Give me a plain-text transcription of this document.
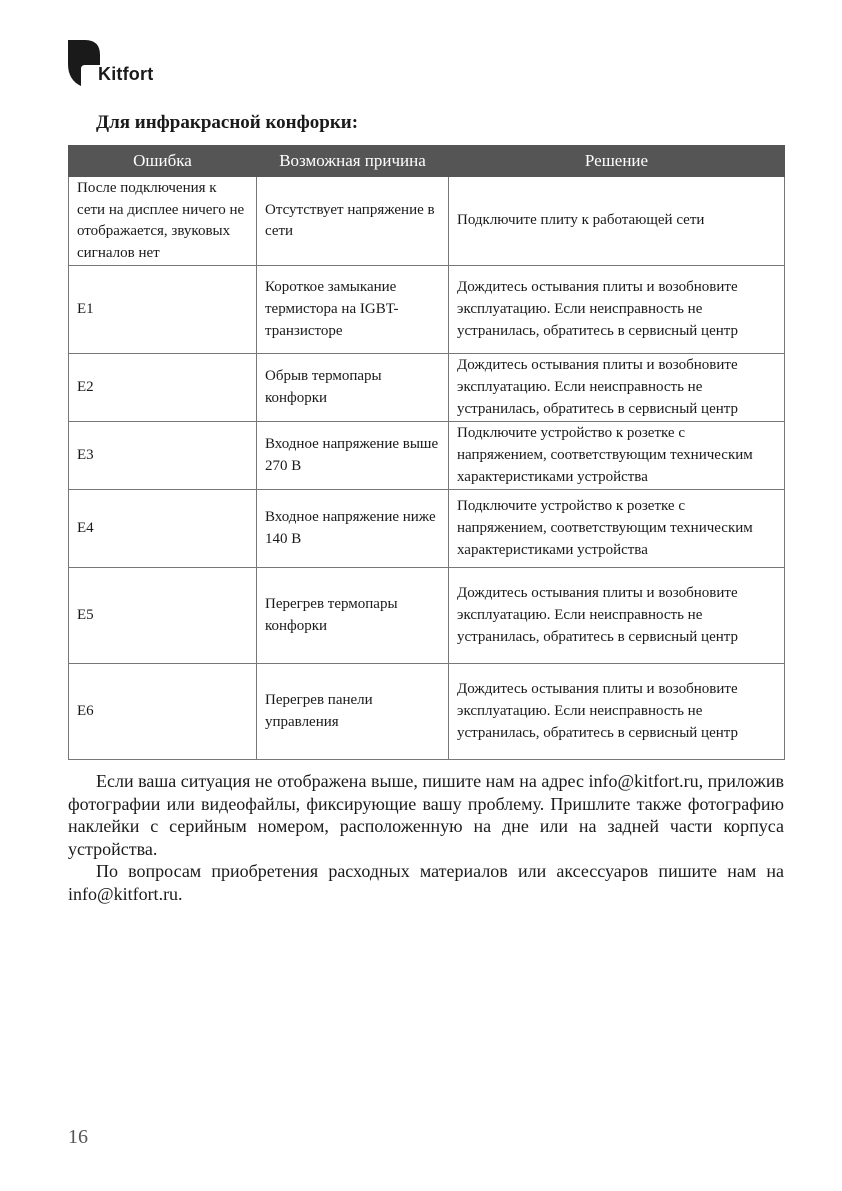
Kitfort
Для инфракрасной конфорки:
Ошибка	Возможная причина	Решение
После подключения к сети на дисплее ничего не отображается, звуковых сигналов нет	Отсутствует напряжение в сети	Подключите плиту к работающей сети
E1	Короткое замыкание термистора на IGBT-транзисторе	Дождитесь остывания плиты и возобновите эксплуатацию. Если неисправность не устранилась, обратитесь в сервисный центр
E2	Обрыв термопары конфорки	Дождитесь остывания плиты и возобновите эксплуатацию. Если неисправность не устранилась, обратитесь в сервисный центр
E3	Входное напряжение выше 270 В	Подключите устройство к розетке с напряжением, соответствующим техническим характеристиками устройства
E4	Входное напряжение ниже 140 В	Подключите устройство к розетке с напряжением, соответствующим техническим характеристиками устройства
E5	Перегрев термопары конфорки	Дождитесь остывания плиты и возобновите эксплуатацию. Если неисправность не устранилась, обратитесь в сервисный центр
E6	Перегрев панели управления	Дождитесь остывания плиты и возобновите эксплуатацию. Если неисправность не устранилась, обратитесь в сервисный центр

Если ваша ситуация не отображена выше, пишите нам на адрес info@kitfort.ru, приложив фотографии или видеофайлы, фиксирующие вашу проблему. Пришлите также фотографию наклейки с серийным номером, расположенную на дне или на задней части корпуса устройства.

По вопросам приобретения расходных материалов или аксессуаров пишите нам на info@kitfort.ru.

16
